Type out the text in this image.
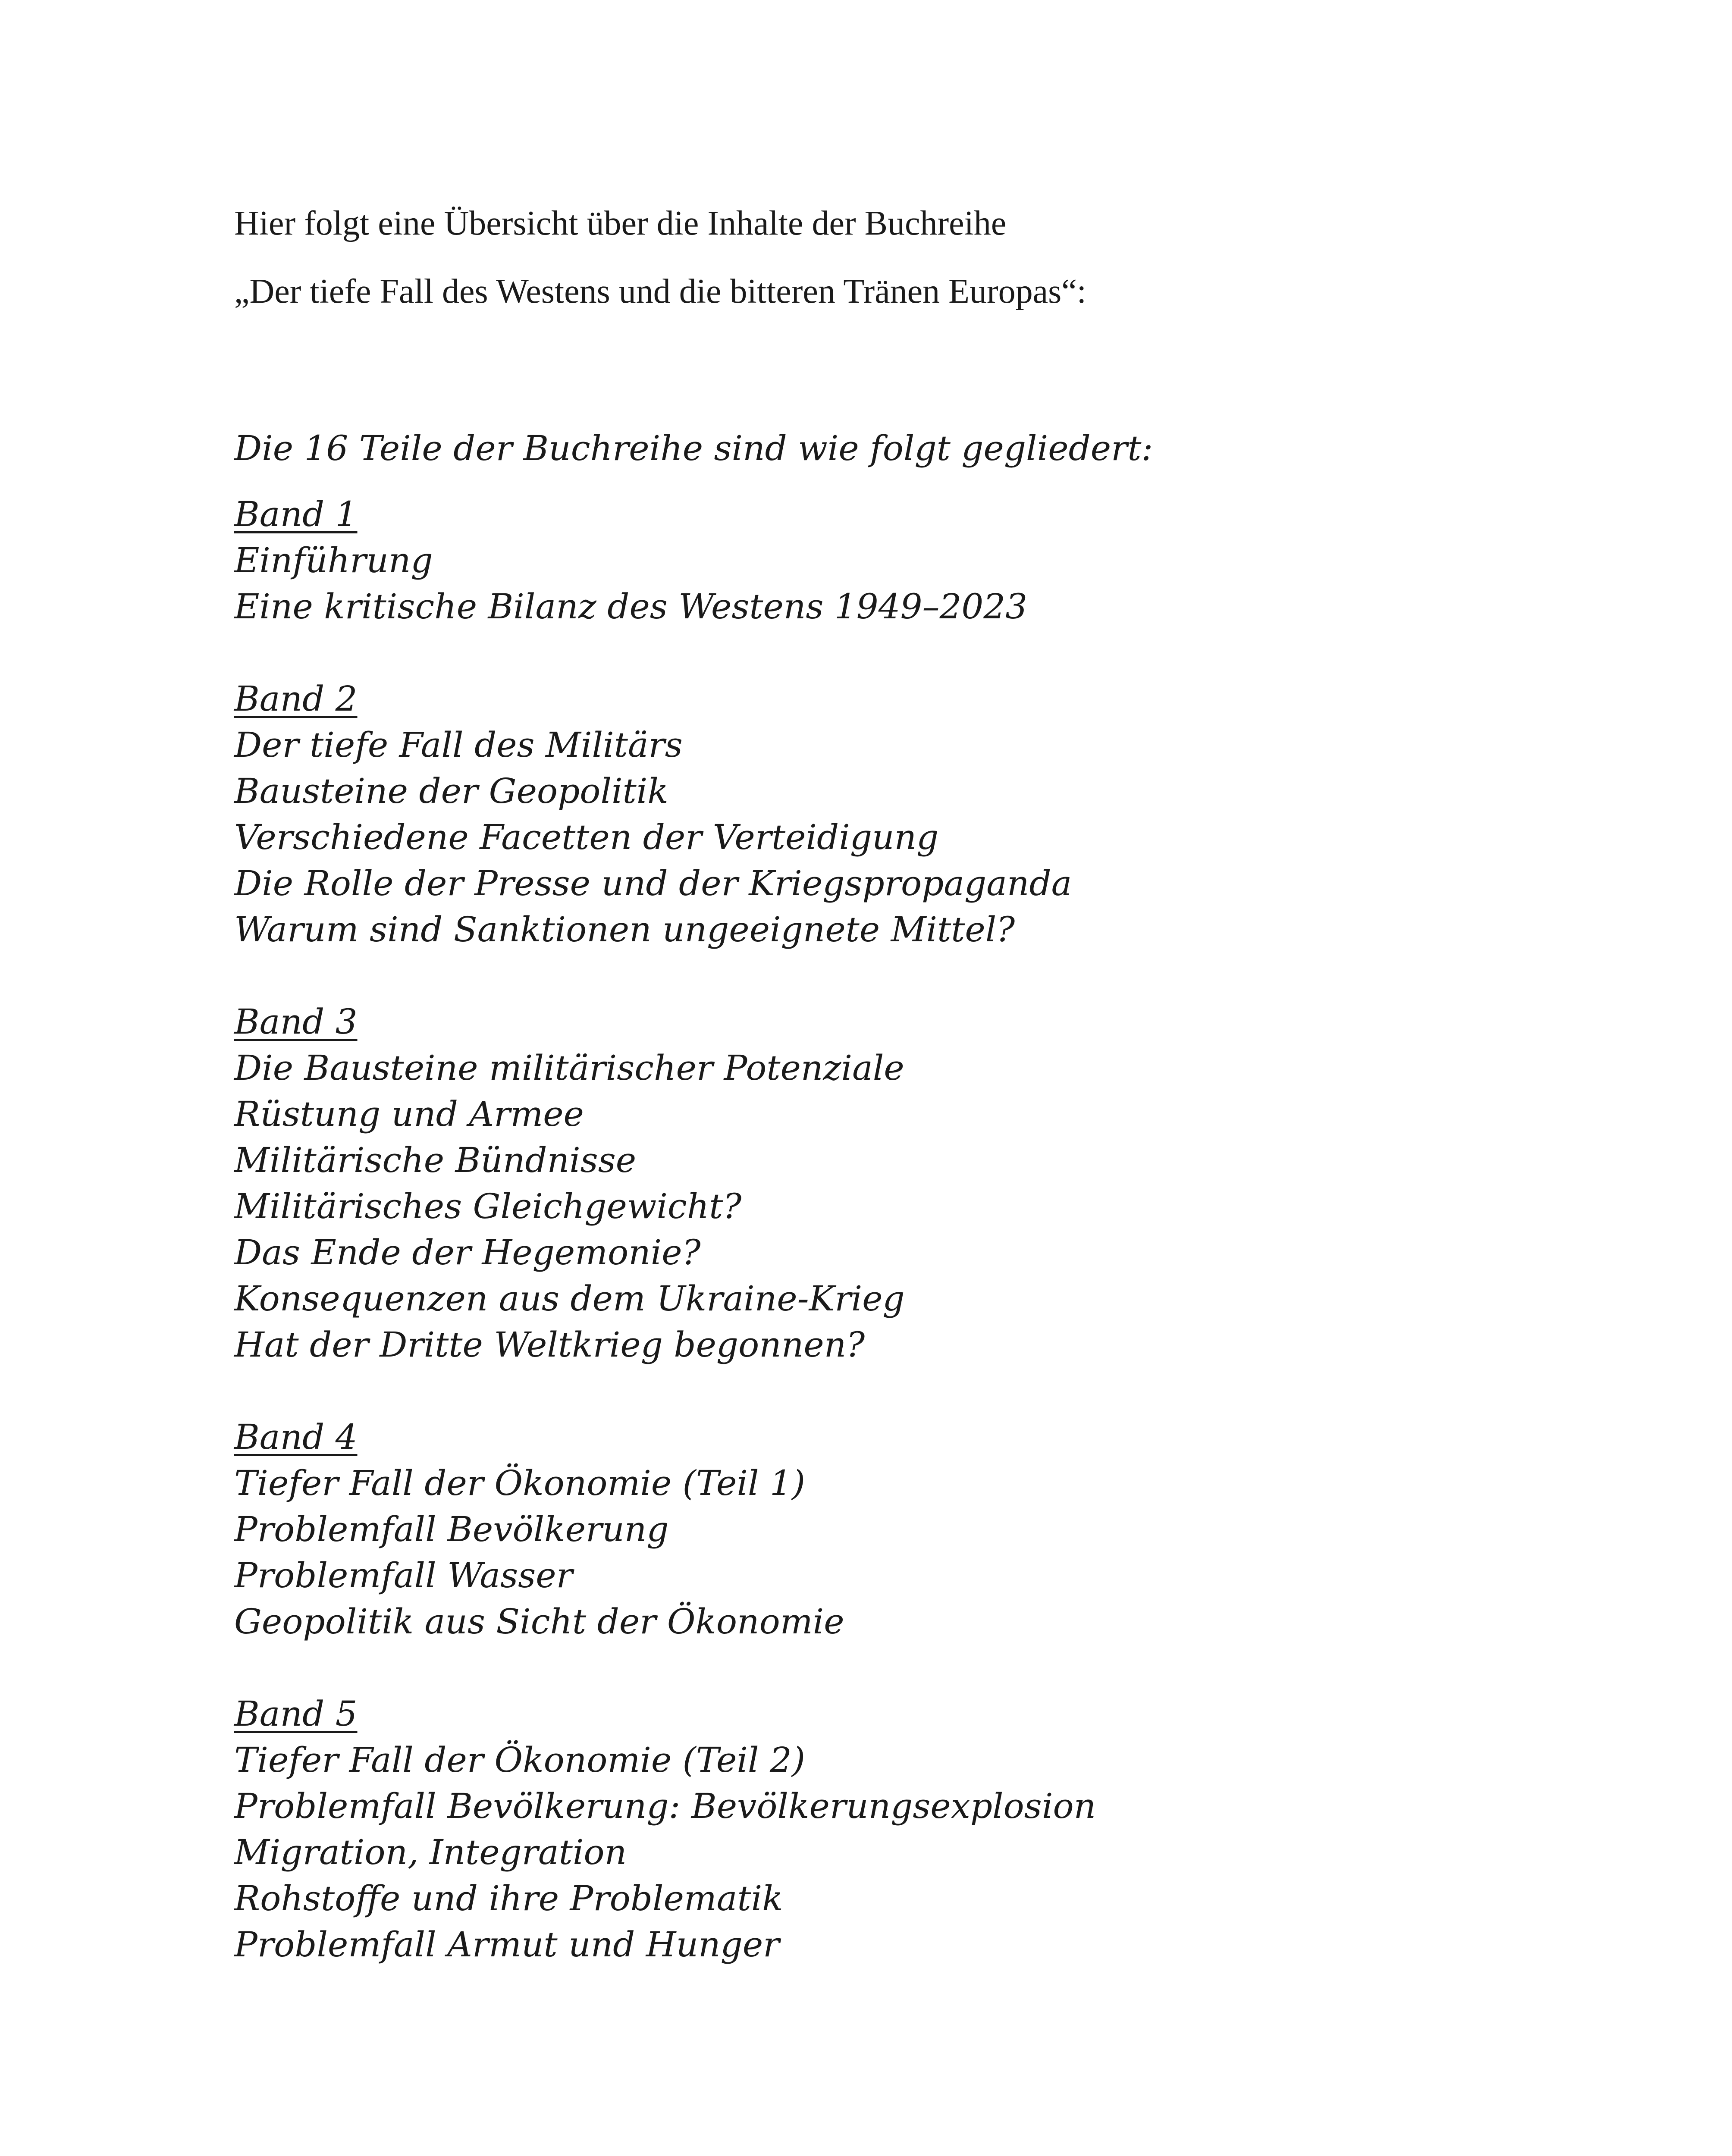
Hier folgt eine Übersicht über die Inhalte der Buchreihe

„Der tiefe Fall des Westens und die bitteren Tränen Europas“:

Die 16 Teile der Buchreihe sind wie folgt gegliedert:

Band 1
Einführung
Eine kritische Bilanz des Westens 1949–2023
Band 2
Der tiefe Fall des Militärs
Bausteine der Geopolitik
Verschiedene Facetten der Verteidigung
Die Rolle der Presse und der Kriegspropaganda
Warum sind Sanktionen ungeeignete Mittel?
Band 3
Die Bausteine militärischer Potenziale
Rüstung und Armee
Militärische Bündnisse
Militärisches Gleichgewicht?
Das Ende der Hegemonie?
Konsequenzen aus dem Ukraine-Krieg
Hat der Dritte Weltkrieg begonnen?
Band 4
Tiefer Fall der Ökonomie (Teil 1)
Problemfall Bevölkerung
Problemfall Wasser
Geopolitik aus Sicht der Ökonomie
Band 5
Tiefer Fall der Ökonomie (Teil 2)
Problemfall Bevölkerung: Bevölkerungsexplosion
Migration, Integration
Rohstoffe und ihre Problematik
Problemfall Armut und Hunger
